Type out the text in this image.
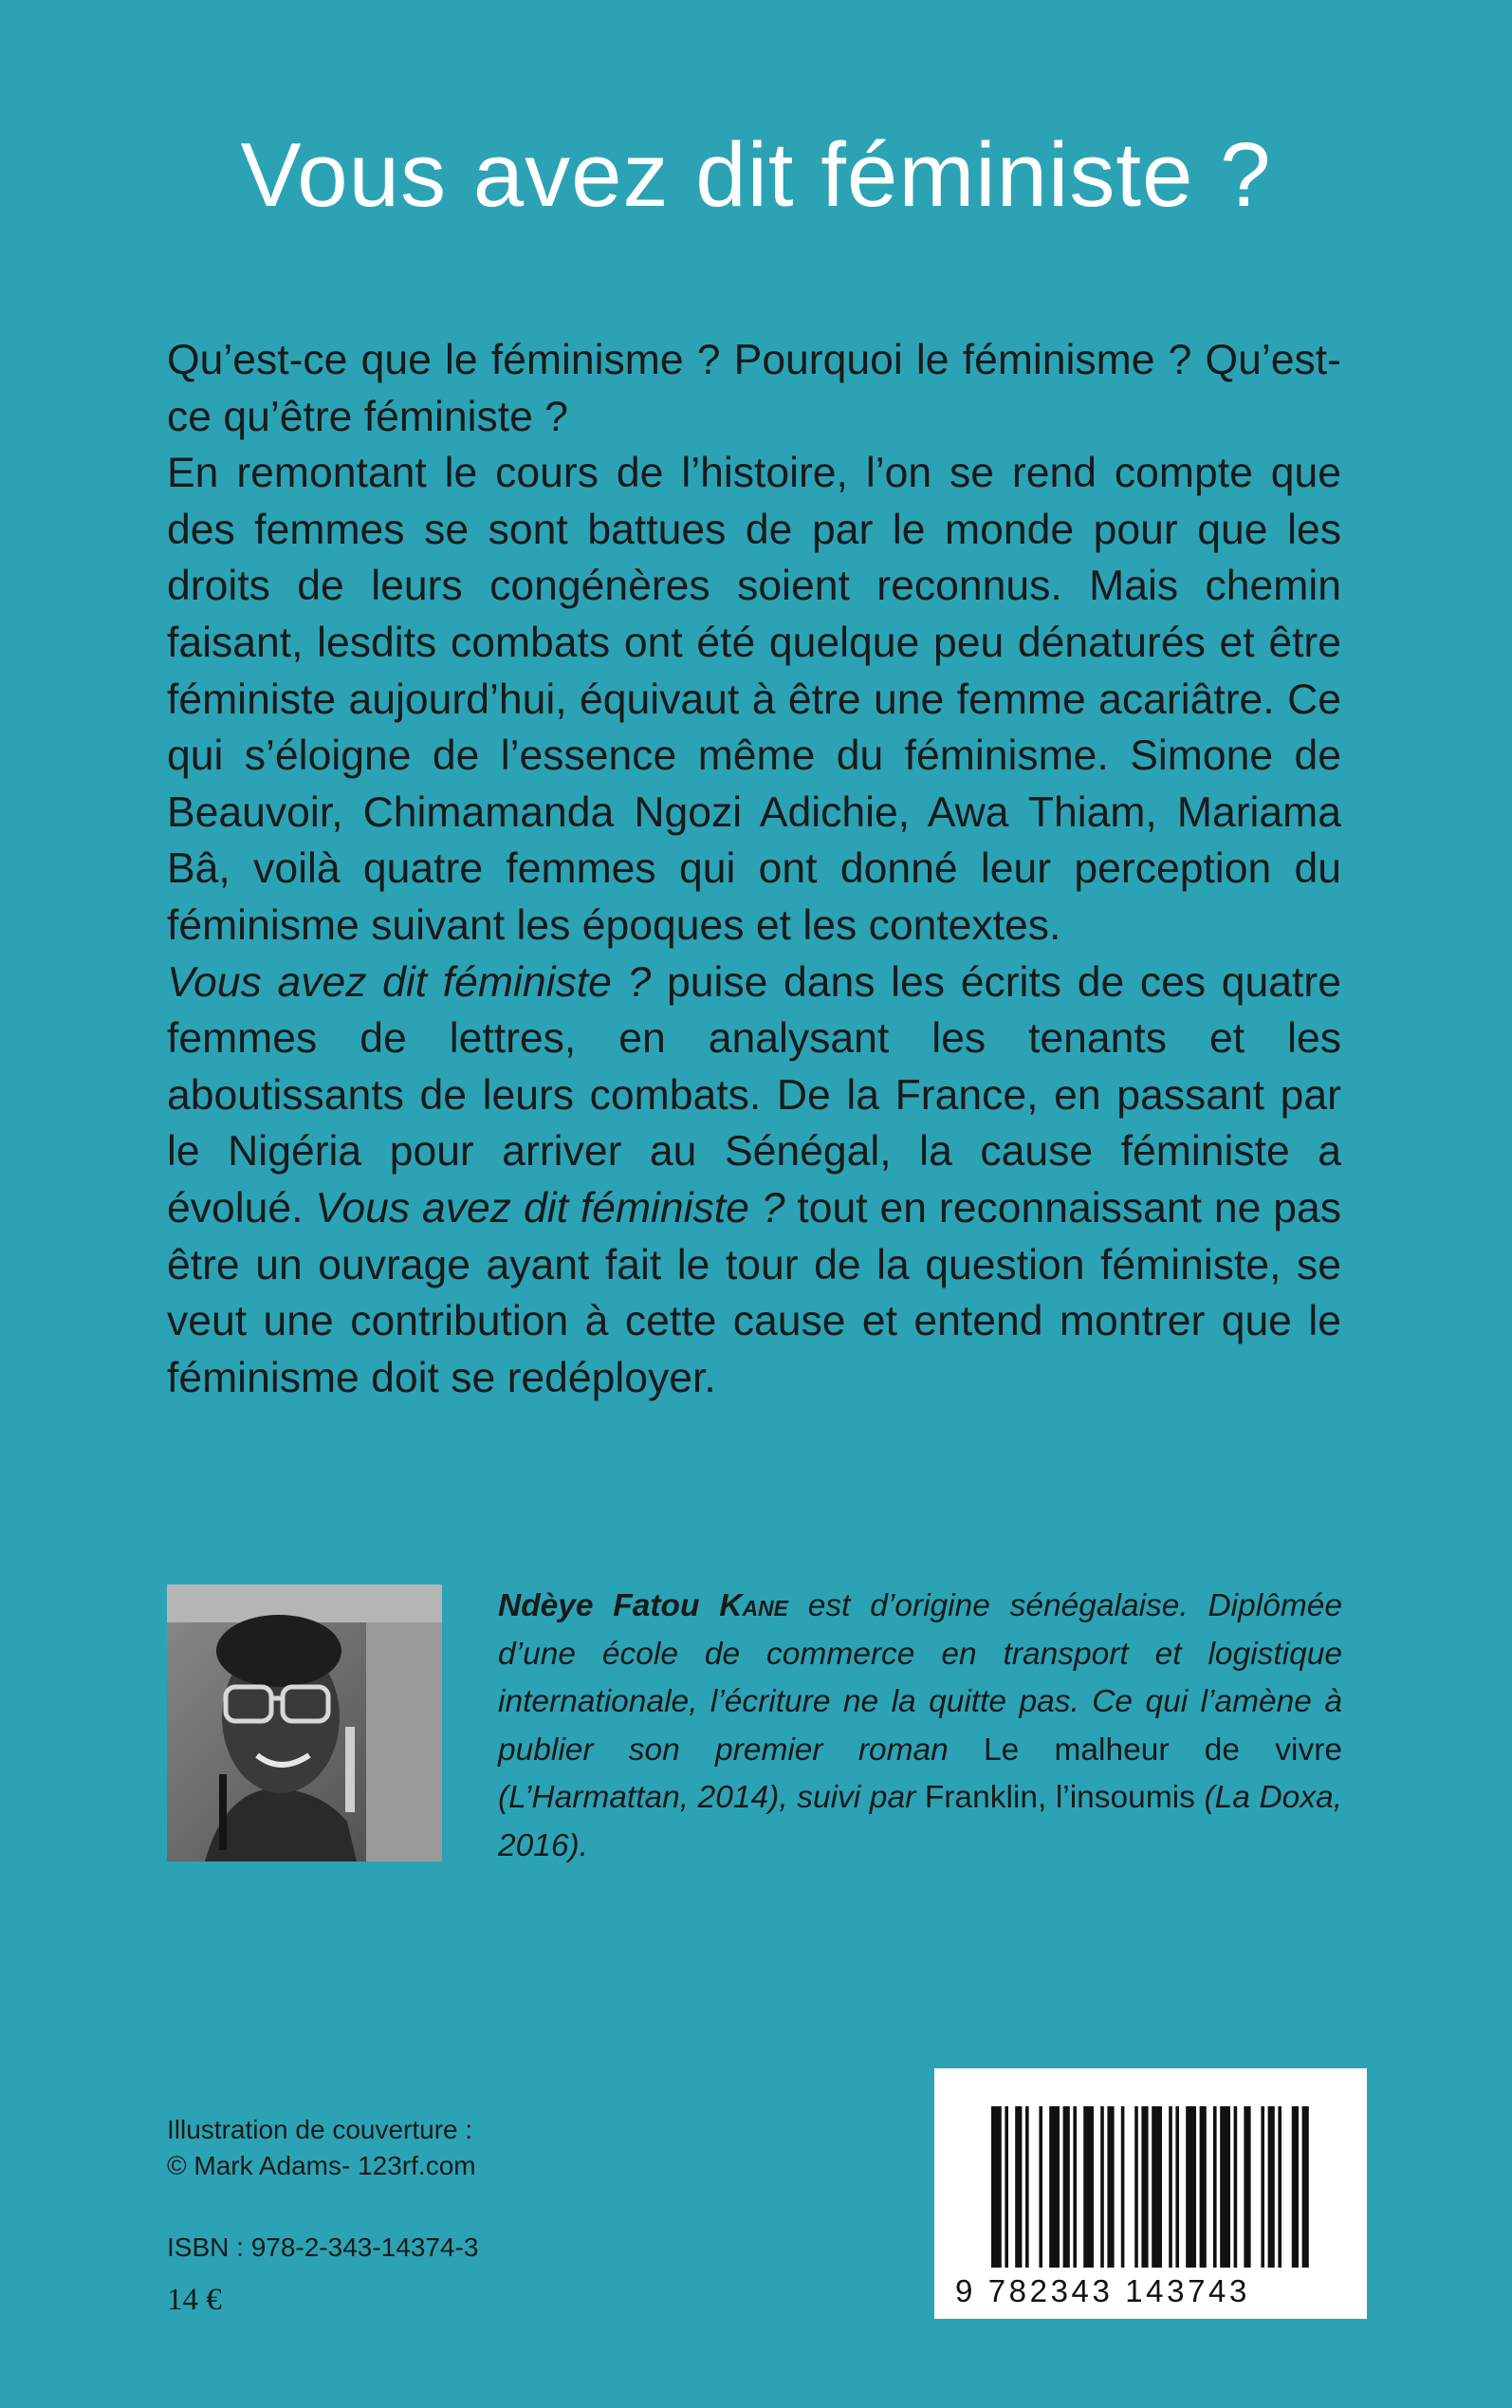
Vous avez dit féministe ?

Qu’est-ce que le féminisme ? Pourquoi le féminisme ? Qu’est-ce qu’être féministe ?

En remontant le cours de l’histoire, l’on se rend compte que des femmes se sont battues de par le monde pour que les droits de leurs congénères soient reconnus. Mais chemin faisant, lesdits combats ont été quelque peu dénaturés et être féministe aujourd’hui, équivaut à être une femme acariâtre. Ce qui s’éloigne de l’essence même du féminisme. Simone de Beauvoir, Chimamanda Ngozi Adichie, Awa Thiam, Mariama Bâ, voilà quatre femmes qui ont donné leur perception du féminisme suivant les époques et les contextes.

Vous avez dit féministe ? puise dans les écrits de ces quatre femmes de lettres, en analysant les tenants et les aboutissants de leurs combats. De la France, en passant par le Nigéria pour arriver au Sénégal, la cause féministe a évolué. Vous avez dit féministe ? tout en reconnaissant ne pas être un ouvrage ayant fait le tour de la question féministe, se veut une contribution à cette cause et entend montrer que le féminisme doit se redéployer.

Ndèye Fatou Kane est d’origine sénégalaise. Diplômée d’une école de commerce en transport et logistique internationale, l’écriture ne la quitte pas. Ce qui l’amène à publier son premier roman Le malheur de vivre (L’Harmattan, 2014), suivi par Franklin, l’insoumis (La Doxa, 2016).
Illustration de couverture :
© Mark Adams- 123rf.com
ISBN : 978-2-343-14374-3
14 €	9 782343 143743
